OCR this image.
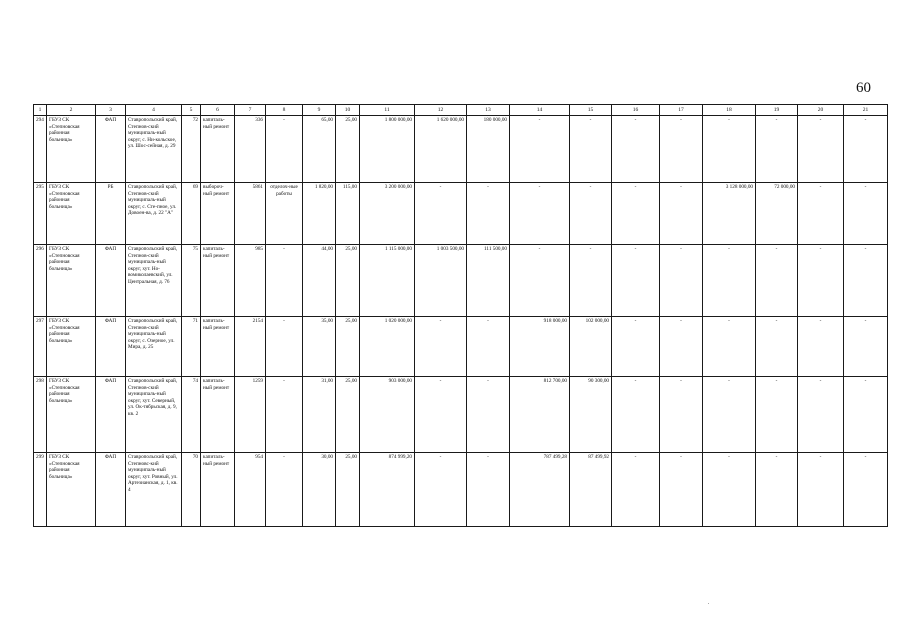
60
1	2	3	4	5	6	7	8	9	10	11	12	13	14	15	16	17	18	19	20	21
294	ГБУЗ СК «Степновская районная больница»	ФАП	Ставропольский край, Степнов-ский муниципаль-ный округ, с. Ни-кольское, ул. Шос-сейная, д. 29	72	капиталь-ный ремонт	336	-	65,00	25,00	1 800 000,00	1 620 000,00	180 000,00	-	-	-	-	-	-	-	-
295	ГБУЗ СК «Степновская районная больница»	РБ	Ставропольский край, Степнов-ский муниципаль-ный округ, с. Сте-пное, ул. Довоен-ва, д. 22 "А"	69	выбороч-ный ремонт	5861	отделоч-ные работы	1 820,00	115,00	3 200 000,00	-	-	-	-	-	-	3 128 000,00	72 000,00	-	-
296	ГБУЗ СК «Степновская районная больница»	ФАП	Ставропольский край, Степнов-ский муниципаль-ный округ, хут. Но-вомиколаевский, ул. Центральная, д. 76	75	капиталь-ный ремонт	985	-	44,00	25,00	1 115 000,00	1 003 500,00	111 500,00	-	-	-	-	-	-	-	-
297	ГБУЗ СК «Степновская районная больница»	ФАП	Ставропольский край, Степнов-ский муниципаль-ный округ, с. Озерное, ул. Мира, д. 25	71	капиталь-ный ремонт	2154	-	35,00	25,00	1 020 000,00	-	-	918 000,00	102 000,00	-	-	-	-	-	-
298	ГБУЗ СК «Степновская районная больница»	ФАП	Ставропольский край, Степнов-ский муниципаль-ный округ, хут. Северный, ул. Ок-тябрьская, д. 9, кв. 2	74	капиталь-ный ремонт	1259	-	31,00	25,00	903 000,00	-	-	812 700,00	90 300,00	-	-	-	-	-	-
299	ГБУЗ СК «Степновская районная больница»	ФАП	Ставропольский край, Степновс-кий муниципаль-ный округ, хут. Ровный, ул. Артезианская, д. 1, кв. 4	70	капиталь-ный ремонт	954	-	30,00	25,00	874 999,20	-	-	787 499,28	87 499,92	-	-	-	-	-	-
